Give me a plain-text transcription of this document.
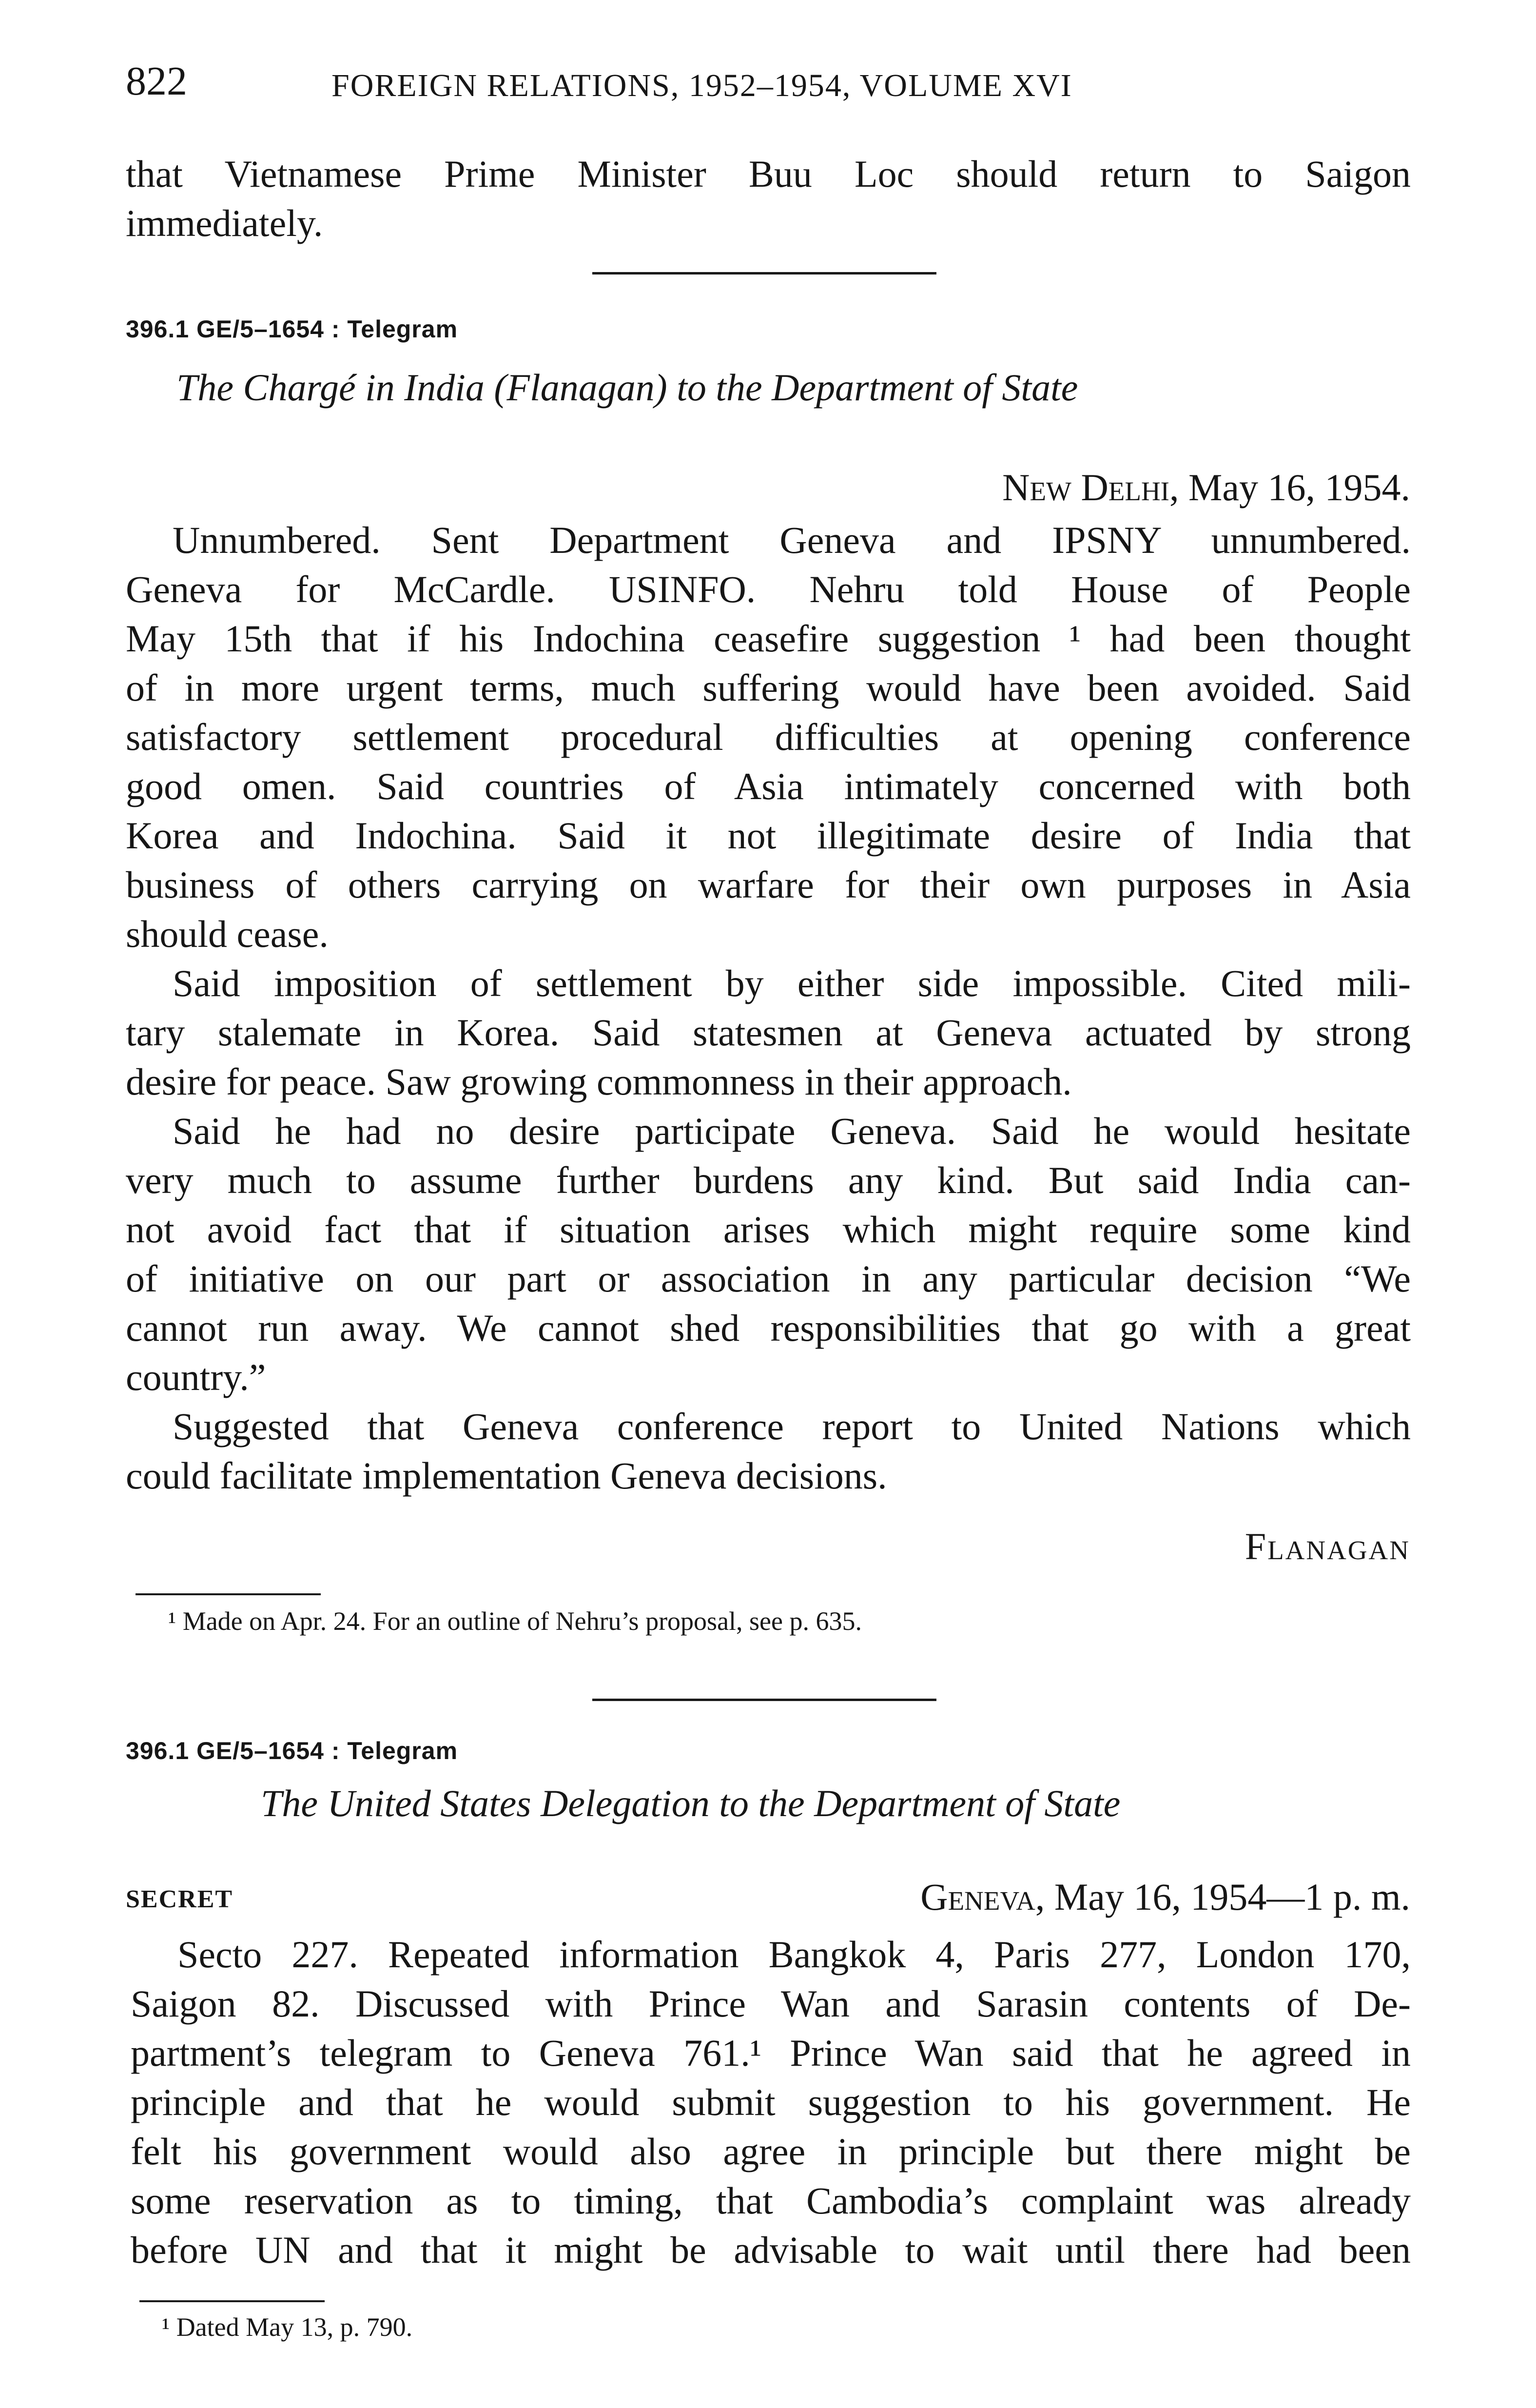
822	FOREIGN RELATIONS, 1952–1954, VOLUME XVI
that Vietnamese Prime Minister Buu Loc should return to Saigon
immediately.
396.1 GE/5–1654 : Telegram
The Chargé in India (Flanagan) to the Department of State
New Delhi, May 16, 1954.
Unnumbered. Sent Department Geneva and IPSNY unnumbered.
Geneva for McCardle. USINFO. Nehru told House of People
May 15th that if his Indochina ceasefire suggestion ¹ had been thought
of in more urgent terms, much suffering would have been avoided. Said
satisfactory settlement procedural difficulties at opening conference
good omen. Said countries of Asia intimately concerned with both
Korea and Indochina. Said it not illegitimate desire of India that
business of others carrying on warfare for their own purposes in Asia
should cease.
Said imposition of settlement by either side impossible. Cited mili-
tary stalemate in Korea. Said statesmen at Geneva actuated by strong
desire for peace. Saw growing commonness in their approach.
Said he had no desire participate Geneva. Said he would hesitate
very much to assume further burdens any kind. But said India can-
not avoid fact that if situation arises which might require some kind
of initiative on our part or association in any particular decision “We
cannot run away. We cannot shed responsibilities that go with a great
country.”
Suggested that Geneva conference report to United Nations which
could facilitate implementation Geneva decisions.
Flanagan
¹ Made on Apr. 24. For an outline of Nehru’s proposal, see p. 635.
396.1 GE/5–1654 : Telegram
The United States Delegation to the Department of State
SECRET	Geneva, May 16, 1954—1 p. m.
Secto 227. Repeated information Bangkok 4, Paris 277, London 170,
Saigon 82. Discussed with Prince Wan and Sarasin contents of De-
partment’s telegram to Geneva 761.¹ Prince Wan said that he agreed in
principle and that he would submit suggestion to his government. He
felt his government would also agree in principle but there might be
some reservation as to timing, that Cambodia’s complaint was already
before UN and that it might be advisable to wait until there had been
¹ Dated May 13, p. 790.
